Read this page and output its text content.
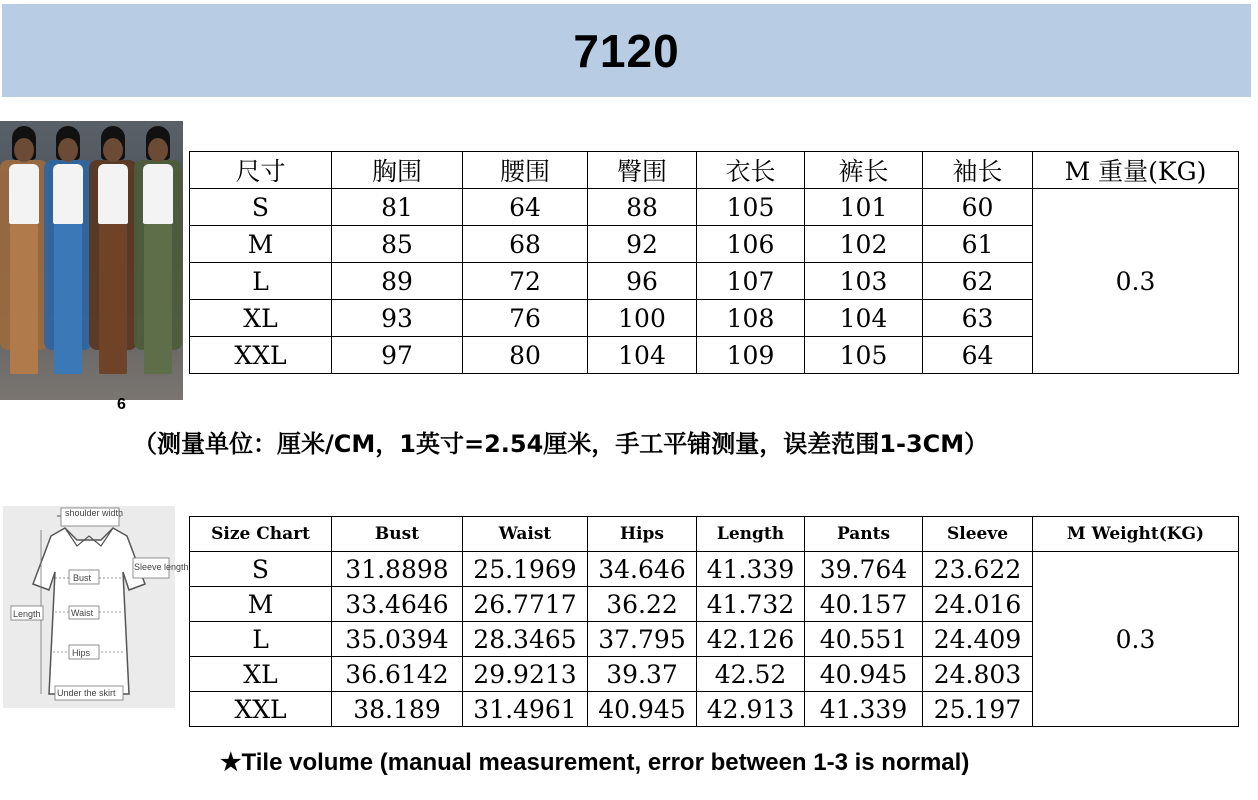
7120
6
尺寸	胸围	腰围	臀围	衣长	裤长	袖长	M 重量(KG)
S	81	64	88	105	101	60	0.3
M	85	68	92	106	102	61	
L	89	72	96	107	103	62	
XL	93	76	100	108	104	63	
XXL	97	80	104	109	105	64	
（测量单位：厘米/CM，1英寸=2.54厘米，手工平铺测量，误差范围1-3CM）
shoulder width
Sleeve length
Bust
Waist
Hips
Length
Under the skirt
Size Chart	Bust	Waist	Hips	Length	Pants	Sleeve	M Weight(KG)
S	31.8898	25.1969	34.646	41.339	39.764	23.622	0.3
M	33.4646	26.7717	36.22	41.732	40.157	24.016	
L	35.0394	28.3465	37.795	42.126	40.551	24.409	
XL	36.6142	29.9213	39.37	42.52	40.945	24.803	
XXL	38.189	31.4961	40.945	42.913	41.339	25.197	
★Tile volume (manual measurement, error between 1-3 is normal)
